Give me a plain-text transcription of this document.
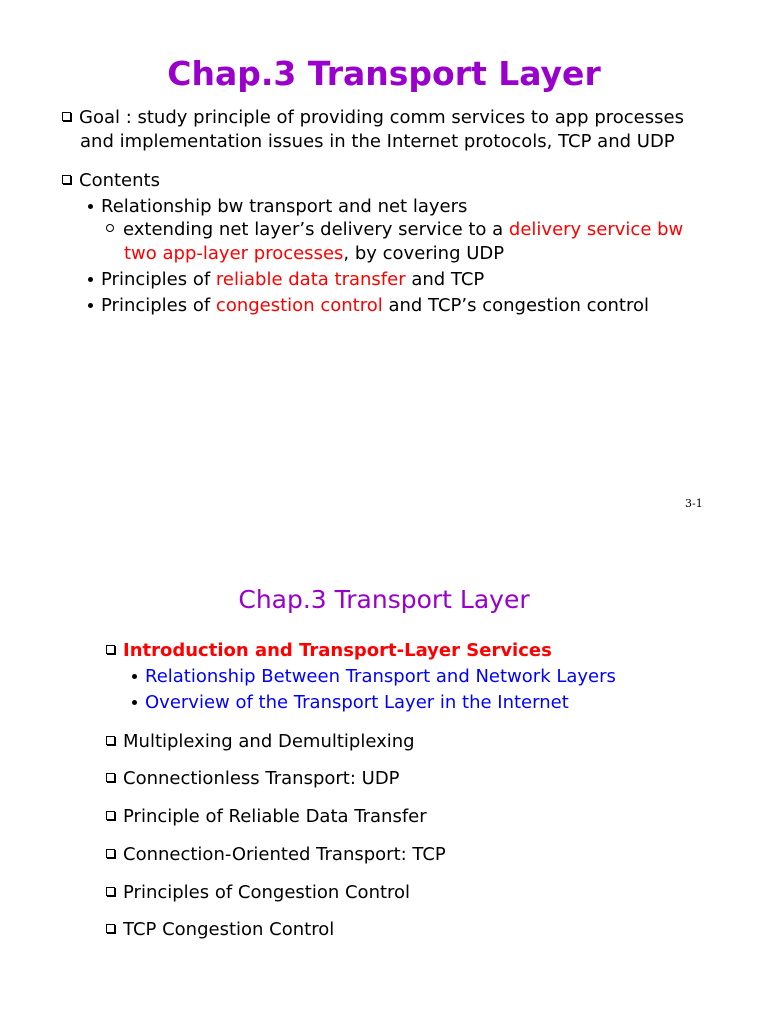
Chap.3 Transport Layer
Goal : study principle of providing comm services to app processes
and implementation issues in the Internet protocols, TCP and UDP
Contents
Relationship bw transport and net layers
extending net layer’s delivery service to a delivery service bw
two app-layer processes, by covering UDP
Principles of reliable data transfer and TCP
Principles of congestion control and TCP’s congestion control
3-1
Chap.3 Transport Layer
Introduction and Transport-Layer Services
Relationship Between Transport and Network Layers
Overview of the Transport Layer in the Internet
Multiplexing and Demultiplexing
Connectionless Transport: UDP
Principle of Reliable Data Transfer
Connection-Oriented Transport: TCP
Principles of Congestion Control
TCP Congestion Control
